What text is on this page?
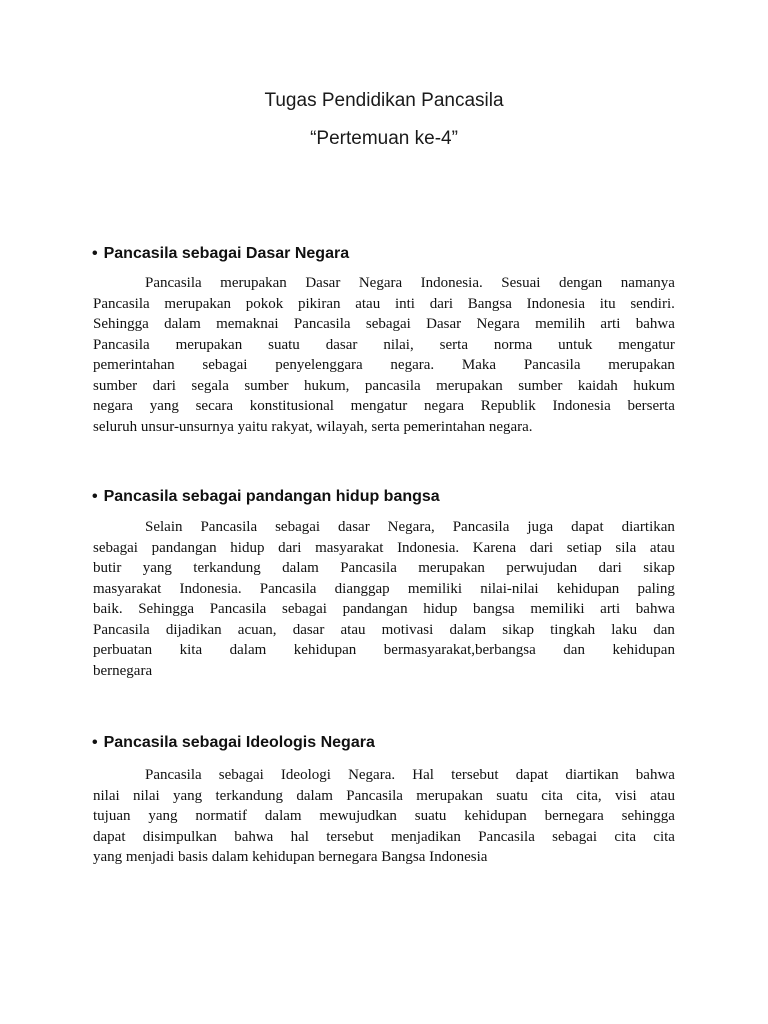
Tugas Pendidikan Pancasila
“Pertemuan ke-4”
• Pancasila sebagai Dasar Negara
Pancasila merupakan Dasar Negara Indonesia. Sesuai dengan namanya
Pancasila merupakan pokok pikiran atau inti dari Bangsa Indonesia itu sendiri.
Sehingga dalam memaknai Pancasila sebagai Dasar Negara memilih arti bahwa
Pancasila merupakan suatu dasar nilai, serta norma untuk mengatur
pemerintahan sebagai penyelenggara negara. Maka Pancasila merupakan
sumber dari segala sumber hukum, pancasila merupakan sumber kaidah hukum
negara yang secara konstitusional mengatur negara Republik Indonesia berserta
seluruh unsur-unsurnya yaitu rakyat, wilayah, serta pemerintahan negara.
• Pancasila sebagai pandangan hidup bangsa
Selain Pancasila sebagai dasar Negara, Pancasila juga dapat diartikan
sebagai pandangan hidup dari masyarakat Indonesia. Karena dari setiap sila atau
butir yang terkandung dalam Pancasila merupakan perwujudan dari sikap
masyarakat Indonesia. Pancasila dianggap memiliki nilai-nilai kehidupan paling
baik. Sehingga Pancasila sebagai pandangan hidup bangsa memiliki arti bahwa
Pancasila dijadikan acuan, dasar atau motivasi dalam sikap tingkah laku dan
perbuatan kita dalam kehidupan bermasyarakat,berbangsa dan kehidupan
bernegara
• Pancasila sebagai Ideologis Negara
Pancasila sebagai Ideologi Negara. Hal tersebut dapat diartikan bahwa
nilai nilai yang terkandung dalam Pancasila merupakan suatu cita cita, visi atau
tujuan yang normatif dalam mewujudkan suatu kehidupan bernegara sehingga
dapat disimpulkan bahwa hal tersebut menjadikan Pancasila sebagai cita cita
yang menjadi basis dalam kehidupan bernegara Bangsa Indonesia
